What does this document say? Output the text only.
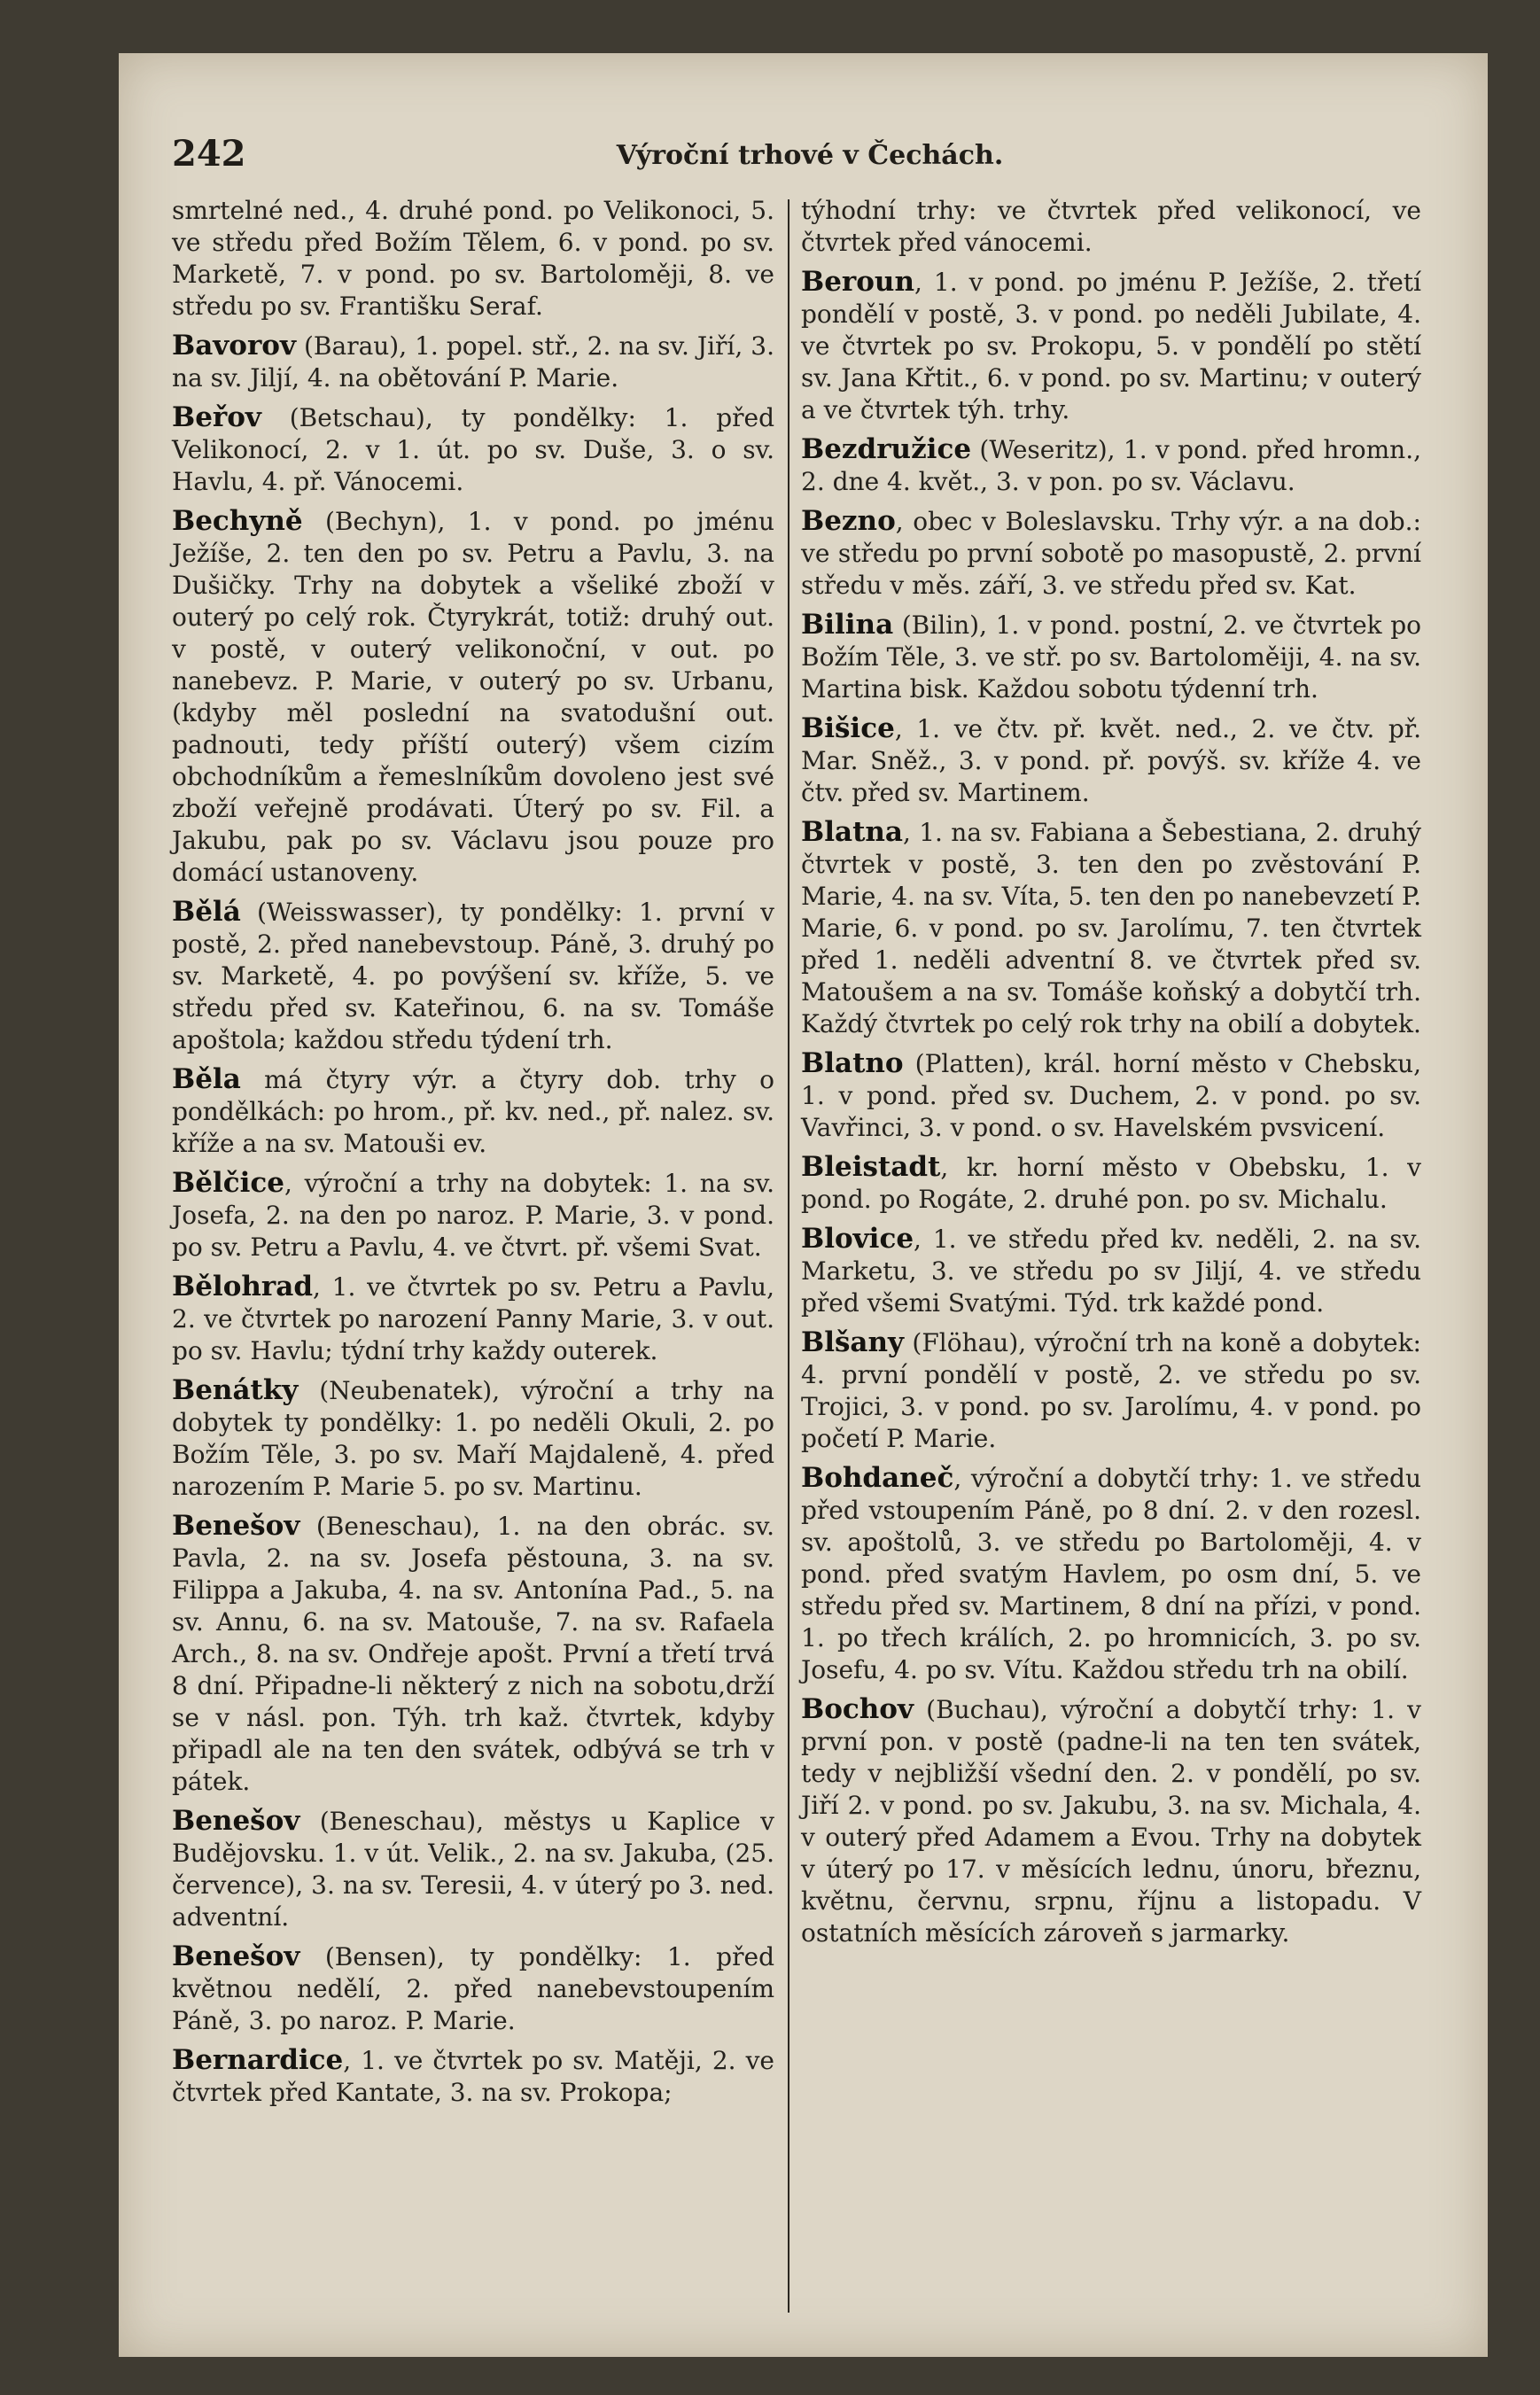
242	Výroční trhové v Čechách.

smrtelné ned., 4. druhé pond. po Velikonoci, 5. ve středu před Božím Tělem, 6. v pond. po sv. Marketě, 7. v pond. po sv. Bartoloměji, 8. ve středu po sv. Františku Seraf.

Bavorov (Barau), 1. popel. stř., 2. na sv. Jiří, 3. na sv. Jiljí, 4. na obětování P. Marie.

Beřov (Betschau), ty pondělky: 1. před Velikonocí, 2. v 1. út. po sv. Duše, 3. o sv. Havlu, 4. př. Vánocemi.

Bechyně (Bechyn), 1. v pond. po jménu Ježíše, 2. ten den po sv. Petru a Pavlu, 3. na Dušičky. Trhy na dobytek a všeliké zboží v outerý po celý rok. Čtyrykrát, totiž: druhý out. v postě, v outerý velikonoční, v out. po nanebevz. P. Marie, v outerý po sv. Urbanu, (kdyby měl poslední na svatodušní out. padnouti, tedy příští outerý) všem cizím obchodníkům a řemeslníkům dovoleno jest své zboží veřejně prodávati. Úterý po sv. Fil. a Jakubu, pak po sv. Václavu jsou pouze pro domácí ustanoveny.

Bělá (Weisswasser), ty pondělky: 1. první v postě, 2. před nanebevstoup. Páně, 3. druhý po sv. Marketě, 4. po povýšení sv. kříže, 5. ve středu před sv. Kateřinou, 6. na sv. Tomáše apoštola; každou středu týdení trh.

Běla má čtyry výr. a čtyry dob. trhy o pondělkách: po hrom., př. kv. ned., př. nalez. sv. kříže a na sv. Matouši ev.

Bělčice, výroční a trhy na dobytek: 1. na sv. Josefa, 2. na den po naroz. P. Marie, 3. v pond. po sv. Petru a Pavlu, 4. ve čtvrt. př. všemi Svat.

Bělohrad, 1. ve čtvrtek po sv. Petru a Pavlu, 2. ve čtvrtek po narození Panny Marie, 3. v out. po sv. Havlu; týdní trhy každy outerek.

Benátky (Neubenatek), výroční a trhy na dobytek ty pondělky: 1. po neděli Okuli, 2. po Božím Těle, 3. po sv. Maří Majdaleně, 4. před narozením P. Marie 5. po sv. Martinu.

Benešov (Beneschau), 1. na den obrác. sv. Pavla, 2. na sv. Josefa pěstouna, 3. na sv. Filippa a Jakuba, 4. na sv. Antonína Pad., 5. na sv. Annu, 6. na sv. Matouše, 7. na sv. Rafaela Arch., 8. na sv. Ondřeje apošt. První a třetí trvá 8 dní. Připadne-li některý z nich na sobotu,drží se v násl. pon. Týh. trh kaž. čtvrtek, kdyby připadl ale na ten den svátek, odbývá se trh v pátek.

Benešov (Beneschau), městys u Kaplice v Budějovsku. 1. v út. Velik., 2. na sv. Jakuba, (25. července), 3. na sv. Teresii, 4. v úterý po 3. ned. adventní.

Benešov (Bensen), ty pondělky: 1. před květnou nedělí, 2. před nanebevstoupením Páně, 3. po naroz. P. Marie.

Bernardice, 1. ve čtvrtek po sv. Matěji, 2. ve čtvrtek před Kantate, 3. na sv. Prokopa;

týhodní trhy: ve čtvrtek před velikonocí, ve čtvrtek před vánocemi.

Beroun, 1. v pond. po jménu P. Ježíše, 2. třetí pondělí v postě, 3. v pond. po neděli Jubilate, 4. ve čtvrtek po sv. Prokopu, 5. v pondělí po stětí sv. Jana Křtit., 6. v pond. po sv. Martinu; v outerý a ve čtvrtek týh. trhy.

Bezdružice (Weseritz), 1. v pond. před hromn., 2. dne 4. květ., 3. v pon. po sv. Václavu.

Bezno, obec v Boleslavsku. Trhy výr. a na dob.: ve středu po první sobotě po masopustě, 2. první středu v měs. září, 3. ve středu před sv. Kat.

Bilina (Bilin), 1. v pond. postní, 2. ve čtvrtek po Božím Těle, 3. ve stř. po sv. Bartoloměiji, 4. na sv. Martina bisk. Každou sobotu týdenní trh.

Bišice, 1. ve čtv. př. květ. ned., 2. ve čtv. př. Mar. Sněž., 3. v pond. př. povýš. sv. kříže 4. ve čtv. před sv. Martinem.

Blatna, 1. na sv. Fabiana a Šebestiana, 2. druhý čtvrtek v postě, 3. ten den po zvěstování P. Marie, 4. na sv. Víta, 5. ten den po nanebevzetí P. Marie, 6. v pond. po sv. Jarolímu, 7. ten čtvrtek před 1. neděli adventní 8. ve čtvrtek před sv. Matoušem a na sv. Tomáše koňský a dobytčí trh. Každý čtvrtek po celý rok trhy na obilí a dobytek.

Blatno (Platten), král. horní město v Chebsku, 1. v pond. před sv. Duchem, 2. v pond. po sv. Vavřinci, 3. v pond. o sv. Havelském pvsvicení.

Bleistadt, kr. horní město v Obebsku, 1. v pond. po Rogáte, 2. druhé pon. po sv. Michalu.

Blovice, 1. ve středu před kv. neděli, 2. na sv. Marketu, 3. ve středu po sv Jiljí, 4. ve středu před všemi Svatými. Týd. trk každé pond.

Blšany (Flöhau), výroční trh na koně a dobytek: 4. první pondělí v postě, 2. ve středu po sv. Trojici, 3. v pond. po sv. Jarolímu, 4. v pond. po početí P. Marie.

Bohdaneč, výroční a dobytčí trhy: 1. ve středu před vstoupením Páně, po 8 dní. 2. v den rozesl. sv. apoštolů, 3. ve středu po Bartoloměji, 4. v pond. před svatým Havlem, po osm dní, 5. ve středu před sv. Martinem, 8 dní na přízi, v pond. 1. po třech králích, 2. po hromnicích, 3. po sv. Josefu, 4. po sv. Vítu. Každou středu trh na obilí.

Bochov (Buchau), výroční a dobytčí trhy: 1. v první pon. v postě (padne-li na ten ten svátek, tedy v nejbližší všední den. 2. v pondělí, po sv. Jiří 2. v pond. po sv. Jakubu, 3. na sv. Michala, 4. v outerý před Adamem a Evou. Trhy na dobytek v úterý po 17. v měsících lednu, únoru, březnu, květnu, červnu, srpnu, říjnu a listopadu. V ostatních měsících zároveň s jarmarky.
